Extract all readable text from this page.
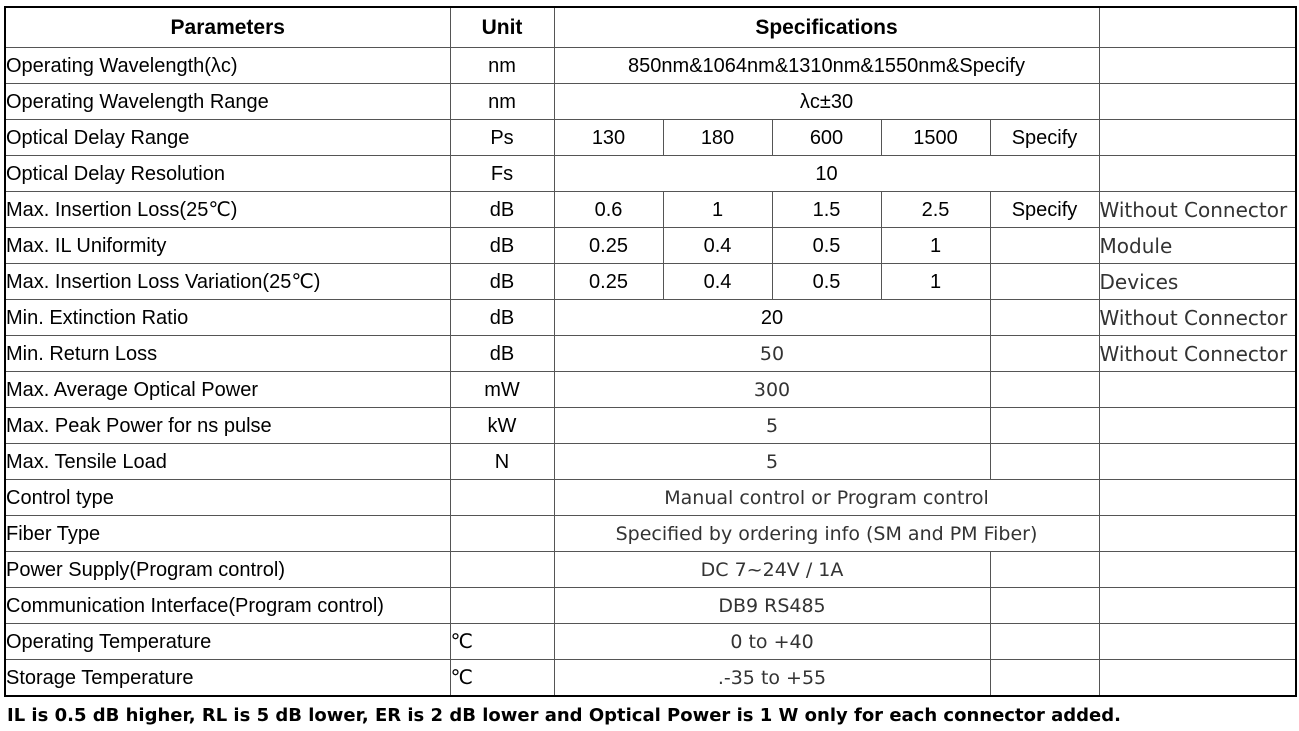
Parameters	Unit	Specifications					
Operating Wavelength(λc)	nm	850nm&1064nm&1310nm&1550nm&Specify					
Operating Wavelength Range	nm	λc±30					
Optical Delay Range	Ps	130	180	600	1500	Specify	
Optical Delay Resolution	Fs	10					
Max. Insertion Loss(25℃)	dB	0.6	1	1.5	2.5	Specify	Without Connector
Max. IL Uniformity	dB	0.25	0.4	0.5	1		Module
Max. Insertion Loss Variation(25℃)	dB	0.25	0.4	0.5	1		Devices
Min. Extinction Ratio	dB	20					Without Connector
Min. Return Loss	dB	50					Without Connector
Max. Average Optical Power	mW	300					
Max. Peak Power for ns pulse	kW	5					
Max. Tensile Load	N	5					
Control type		Manual control or Program control					
Fiber Type		Specified by ordering info (SM and PM Fiber)					
Power Supply(Program control)		DC 7~24V / 1A					
Communication Interface(Program control)		DB9 RS485					
Operating Temperature	℃	0 to +40					
Storage Temperature	℃	.-35 to +55					
IL is 0.5 dB higher, RL is 5 dB lower, ER is 2 dB lower and Optical Power is 1 W only for each connector added.
